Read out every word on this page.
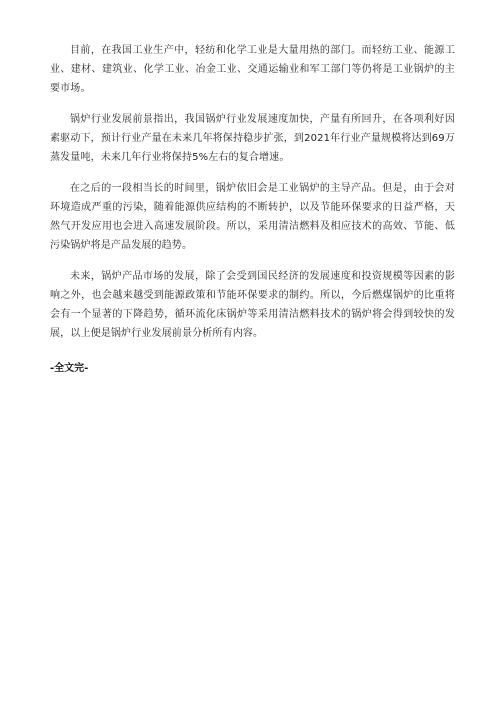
目前，在我国工业生产中，轻纺和化学工业是大量用热的部门。而轻纺工业、能源工业、建材、建筑业、化学工业、冶金工业、交通运输业和军工部门等仍将是工业锅炉的主要市场。

锅炉行业发展前景指出，我国锅炉行业发展速度加快，产量有所回升，在各项利好因素驱动下，预计行业产量在未来几年将保持稳步扩张，到2021年行业产量规模将达到69万蒸发量吨，未来几年行业将保持5%左右的复合增速。

在之后的一段相当长的时间里，锅炉依旧会是工业锅炉的主导产品。但是，由于会对环境造成严重的污染，随着能源供应结构的不断转护，以及节能环保要求的日益严格，天然气开发应用也会进入高速发展阶段。所以，采用清洁燃料及相应技术的高效、节能、低污染锅炉将是产品发展的趋势。

未来，锅炉产品市场的发展，除了会受到国民经济的发展速度和投资规模等因素的影响之外，也会越来越受到能源政策和节能环保要求的制约。所以，今后燃煤锅炉的比重将会有一个显著的下降趋势，循环流化床锅炉等采用清洁燃料技术的锅炉将会得到较快的发展，以上便是锅炉行业发展前景分析所有内容。

-全文完-
